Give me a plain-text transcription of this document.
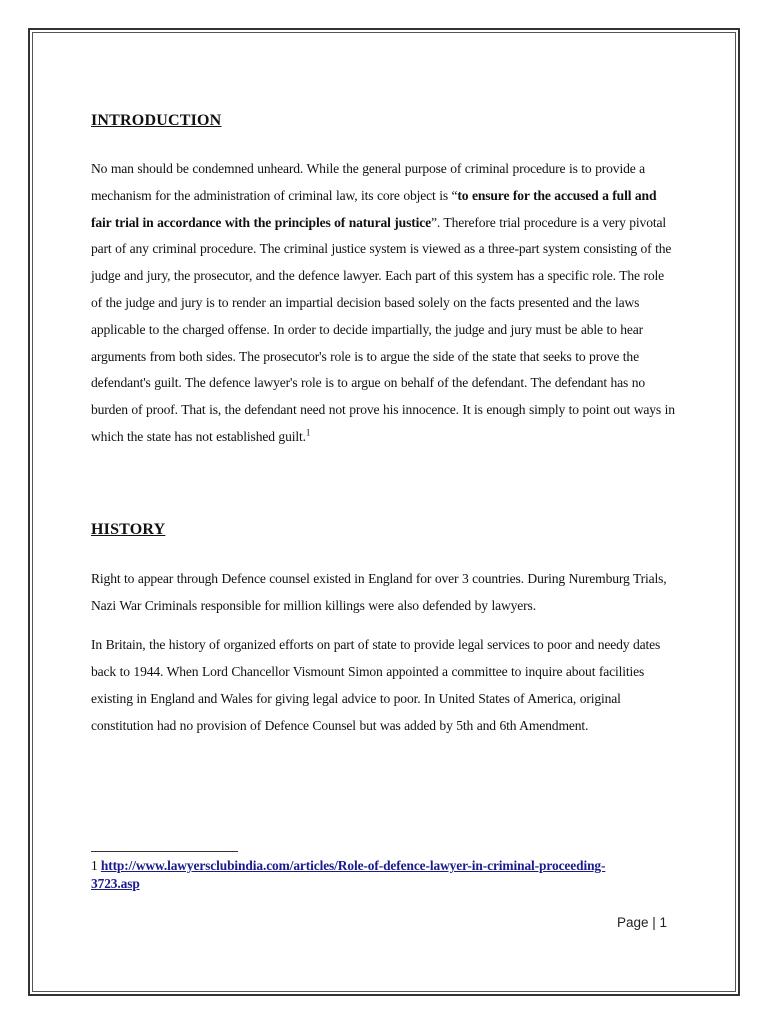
INTRODUCTION

No man should be condemned unheard. While the general purpose of criminal procedure is to provide a mechanism for the administration of criminal law, its core object is “to ensure for the accused a full and fair trial in accordance with the principles of natural justice”. Therefore trial procedure is a very pivotal part of any criminal procedure. The criminal justice system is viewed as a three-part system consisting of the judge and jury, the prosecutor, and the defence lawyer. Each part of this system has a specific role. The role of the judge and jury is to render an impartial decision based solely on the facts presented and the laws applicable to the charged offense. In order to decide impartially, the judge and jury must be able to hear arguments from both sides. The prosecutor's role is to argue the side of the state that seeks to prove the defendant's guilt. The defence lawyer's role is to argue on behalf of the defendant. The defendant has no burden of proof. That is, the defendant need not prove his innocence. It is enough simply to point out ways in which the state has not established guilt.$^1$

HISTORY

Right to appear through Defence counsel existed in England for over 3 countries. During Nuremburg Trials, Nazi War Criminals responsible for million killings were also defended by lawyers.

In Britain, the history of organized efforts on part of state to provide legal services to poor and needy dates back to 1944. When Lord Chancellor Vismount Simon appointed a committee to inquire about facilities existing in England and Wales for giving legal advice to poor. In United States of America, original constitution had no provision of Defence Counsel but was added by 5th and 6th Amendment.

1 http://www.lawyersclubindia.com/articles/Role-of-defence-lawyer-in-criminal-proceeding-3723.asp
Page | 1
